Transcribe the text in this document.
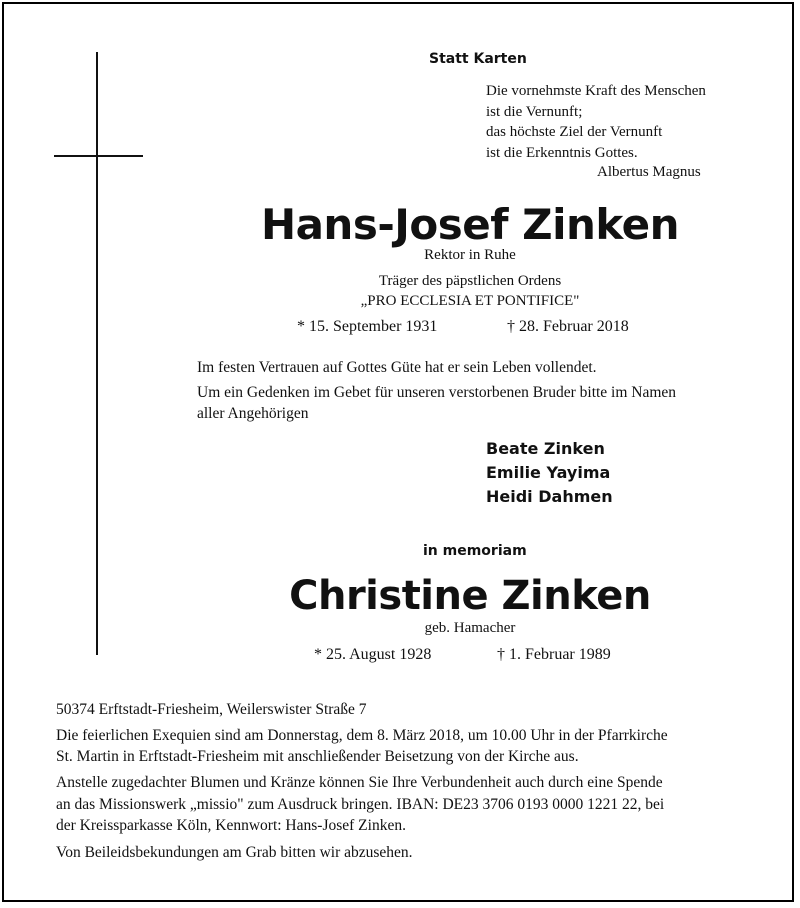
Statt Karten
Die vornehmste Kraft des Menschen
ist die Vernunft;
das höchste Ziel der Vernunft
ist die Erkenntnis Gottes.
Albertus Magnus
Hans-Josef Zinken
Rektor in Ruhe
Träger des päpstlichen Ordens
„PRO ECCLESIA ET PONTIFICE"
* 15. September 1931	† 28. Februar 2018
Im festen Vertrauen auf Gottes Güte hat er sein Leben vollendet.
Um ein Gedenken im Gebet für unseren verstorbenen Bruder bitte im Namen
aller Angehörigen
Beate Zinken
Emilie Yayima
Heidi Dahmen
in memoriam
Christine Zinken
geb. Hamacher
* 25. August 1928	† 1. Februar 1989
50374 Erftstadt-Friesheim, Weilerswister Straße 7
Die feierlichen Exequien sind am Donnerstag, dem 8. März 2018, um 10.00 Uhr in der Pfarrkirche
St. Martin in Erftstadt-Friesheim mit anschließender Beisetzung von der Kirche aus.
Anstelle zugedachter Blumen und Kränze können Sie Ihre Verbundenheit auch durch eine Spende
an das Missionswerk „missio" zum Ausdruck bringen. IBAN: DE23 3706 0193 0000 1221 22, bei
der Kreissparkasse Köln, Kennwort: Hans-Josef Zinken.
Von Beileidsbekundungen am Grab bitten wir abzusehen.
